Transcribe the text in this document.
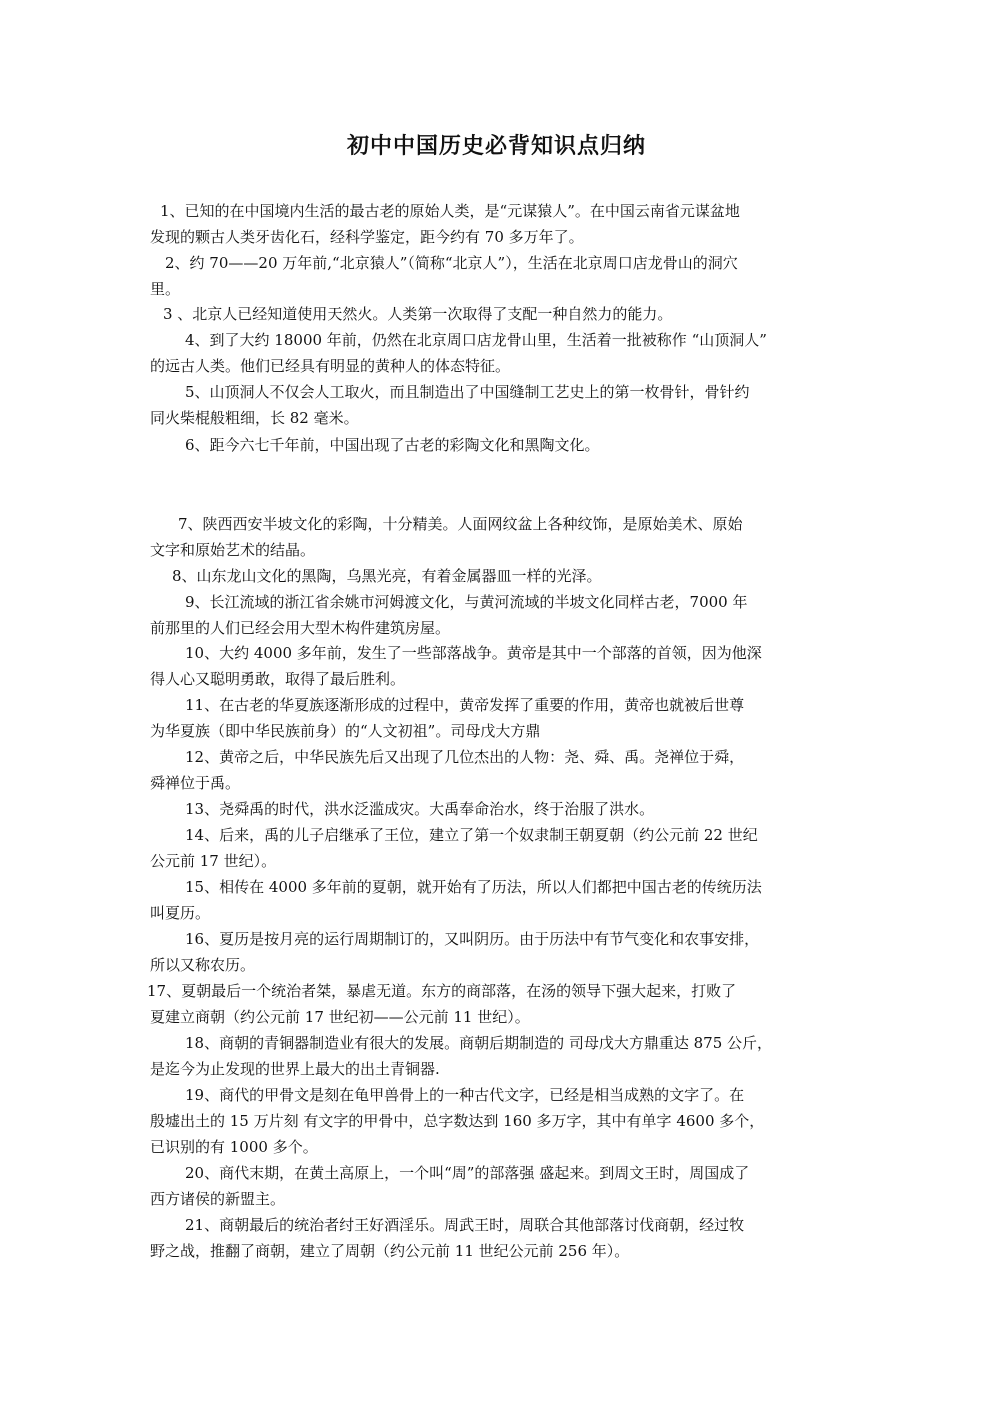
初中中国历史必背知识点归纳
1、已知的在中国境内生活的最古老的原始人类，是“元谋猿人”。在中国云南省元谋盆地
发现的颗古人类牙齿化石，经科学鉴定，距今约有 70 多万年了。
2、约 70——20 万年前,“北京猿人”（简称“北京人”），生活在北京周口店龙骨山的洞穴
里。
3 、北京人已经知道使用天然火。人类第一次取得了支配一种自然力的能力。
4、到了大约 18000 年前，仍然在北京周口店龙骨山里，生活着一批被称作 “山顶洞人”
的远古人类。他们已经具有明显的黄种人的体态特征。
5、山顶洞人不仅会人工取火，而且制造出了中国缝制工艺史上的第一枚骨针，骨针约
同火柴棍般粗细，长 82 毫米。
6、距今六七千年前，中国出现了古老的彩陶文化和黑陶文化。
7、陕西西安半坡文化的彩陶，十分精美。人面网纹盆上各种纹饰，是原始美术、原始
文字和原始艺术的结晶。
8、山东龙山文化的黑陶，乌黑光亮，有着金属器皿一样的光泽。
9、长江流域的浙江省余姚市河姆渡文化，与黄河流域的半坡文化同样古老，7000 年
前那里的人们已经会用大型木构件建筑房屋。
10、大约 4000 多年前，发生了一些部落战争。黄帝是其中一个部落的首领，因为他深
得人心又聪明勇敢，取得了最后胜利。
11、在古老的华夏族逐渐形成的过程中，黄帝发挥了重要的作用，黄帝也就被后世尊
为华夏族（即中华民族前身）的“人文初祖”。司母戊大方鼎
12、黄帝之后，中华民族先后又出现了几位杰出的人物：尧、舜、禹。尧禅位于舜，
舜禅位于禹。
13、尧舜禹的时代，洪水泛滥成灾。大禹奉命治水，终于治服了洪水。
14、后来，禹的儿子启继承了王位，建立了第一个奴隶制王朝夏朝（约公元前 22 世纪
公元前 17 世纪）。
15、相传在 4000 多年前的夏朝，就开始有了历法，所以人们都把中国古老的传统历法
叫夏历。
16、夏历是按月亮的运行周期制订的，又叫阴历。由于历法中有节气变化和农事安排，
所以又称农历。
17、夏朝最后一个统治者桀，暴虐无道。东方的商部落，在汤的领导下强大起来，打败了
夏建立商朝（约公元前 17 世纪初——公元前 11 世纪）。
18、商朝的青铜器制造业有很大的发展。商朝后期制造的 司母戊大方鼎重达 875 公斤，
是迄今为止发现的世界上最大的出土青铜器.
19、商代的甲骨文是刻在龟甲兽骨上的一种古代文字，已经是相当成熟的文字了。在
殷墟出土的 15 万片刻 有文字的甲骨中，总字数达到 160 多万字，其中有单字 4600 多个，
已识别的有 1000 多个。
20、商代末期，在黄土高原上，一个叫“周”的部落强 盛起来。到周文王时，周国成了
西方诸侯的新盟主。
21、商朝最后的统治者纣王好酒淫乐。周武王时，周联合其他部落讨伐商朝，经过牧
野之战，推翻了商朝，建立了周朝（约公元前 11 世纪公元前 256 年）。
